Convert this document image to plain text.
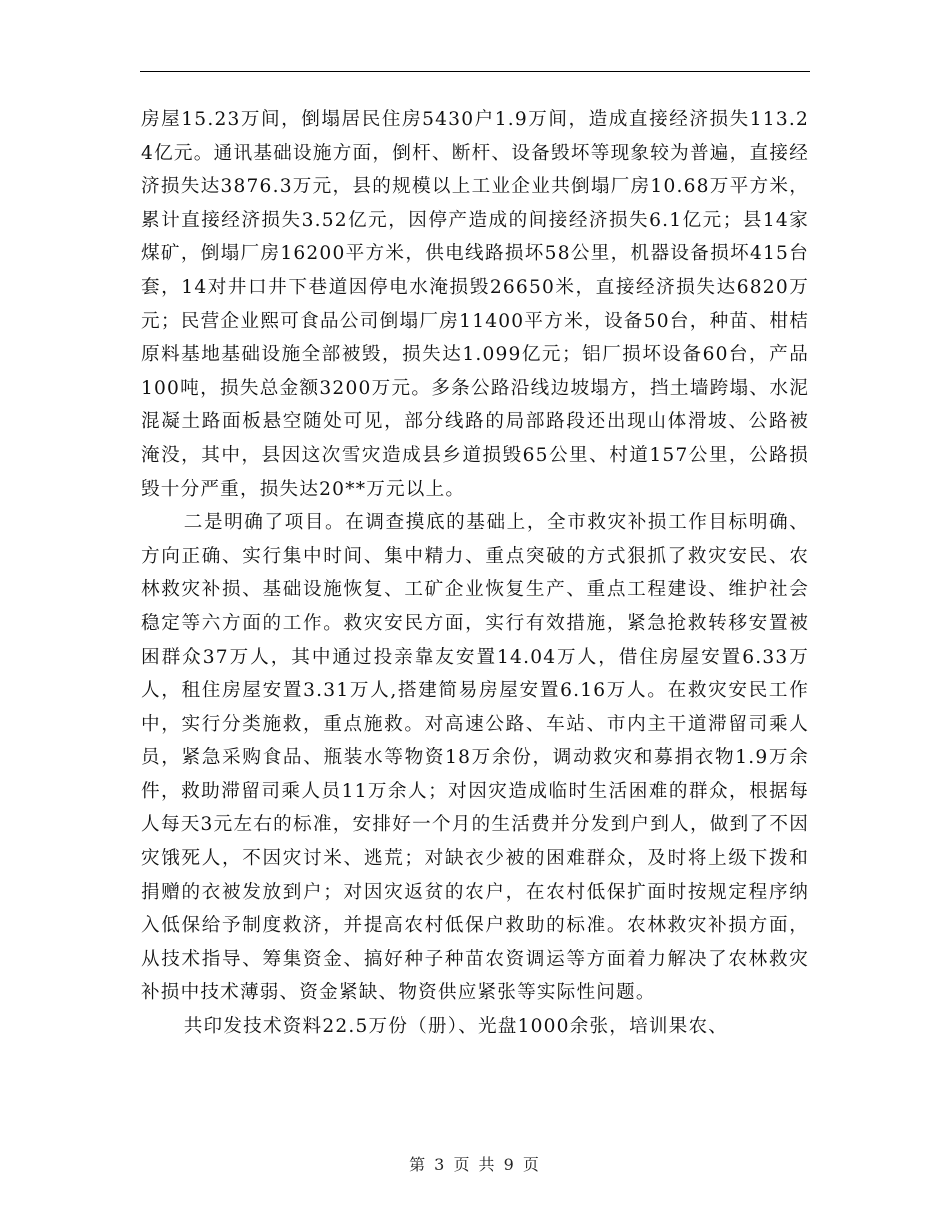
房屋15.23万间，倒塌居民住房5430户1.9万间，造成直接经济损失113.24亿元。通讯基础设施方面，倒杆、断杆、设备毁坏等现象较为普遍，直接经济损失达3876.3万元，县的规模以上工业企业共倒塌厂房10.68万平方米，累计直接经济损失3.52亿元，因停产造成的间接经济损失6.1亿元；县14家煤矿，倒塌厂房16200平方米，供电线路损坏58公里，机器设备损坏415台套，14对井口井下巷道因停电水淹损毁26650米，直接经济损失达6820万元；民营企业熙可食品公司倒塌厂房11400平方米，设备50台，种苗、柑桔原料基地基础设施全部被毁，损失达1.099亿元；铝厂损坏设备60台，产品100吨，损失总金额3200万元。多条公路沿线边坡塌方，挡土墙跨塌、水泥混凝土路面板悬空随处可见，部分线路的局部路段还出现山体滑坡、公路被淹没，其中，县因这次雪灾造成县乡道损毁65公里、村道157公里，公路损毁十分严重，损失达20**万元以上。

二是明确了项目。在调查摸底的基础上，全市救灾补损工作目标明确、方向正确、实行集中时间、集中精力、重点突破的方式狠抓了救灾安民、农林救灾补损、基础设施恢复、工矿企业恢复生产、重点工程建设、维护社会稳定等六方面的工作。救灾安民方面，实行有效措施，紧急抢救转移安置被困群众37万人，其中通过投亲靠友安置14.04万人，借住房屋安置6.33万人，租住房屋安置3.31万人,搭建简易房屋安置6.16万人。在救灾安民工作中，实行分类施救，重点施救。对高速公路、车站、市内主干道滞留司乘人员，紧急采购食品、瓶装水等物资18万余份，调动救灾和募捐衣物1.9万余件，救助滞留司乘人员11万余人；对因灾造成临时生活困难的群众，根据每人每天3元左右的标准，安排好一个月的生活费并分发到户到人，做到了不因灾饿死人，不因灾讨米、逃荒；对缺衣少被的困难群众，及时将上级下拨和捐赠的衣被发放到户；对因灾返贫的农户，在农村低保扩面时按规定程序纳入低保给予制度救济，并提高农村低保户救助的标准。农林救灾补损方面，从技术指导、筹集资金、搞好种子种苗农资调运等方面着力解决了农林救灾补损中技术薄弱、资金紧缺、物资供应紧张等实际性问题。

共印发技术资料22.5万份（册）、光盘1000余张，培训果农、

第 3 页 共 9 页
